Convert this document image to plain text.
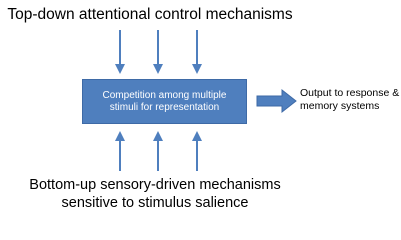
Top-down attentional control mechanisms
Competition among multiple stimuli for representation
Output to response & memory systems
Bottom-up sensory-driven mechanisms sensitive to stimulus salience
